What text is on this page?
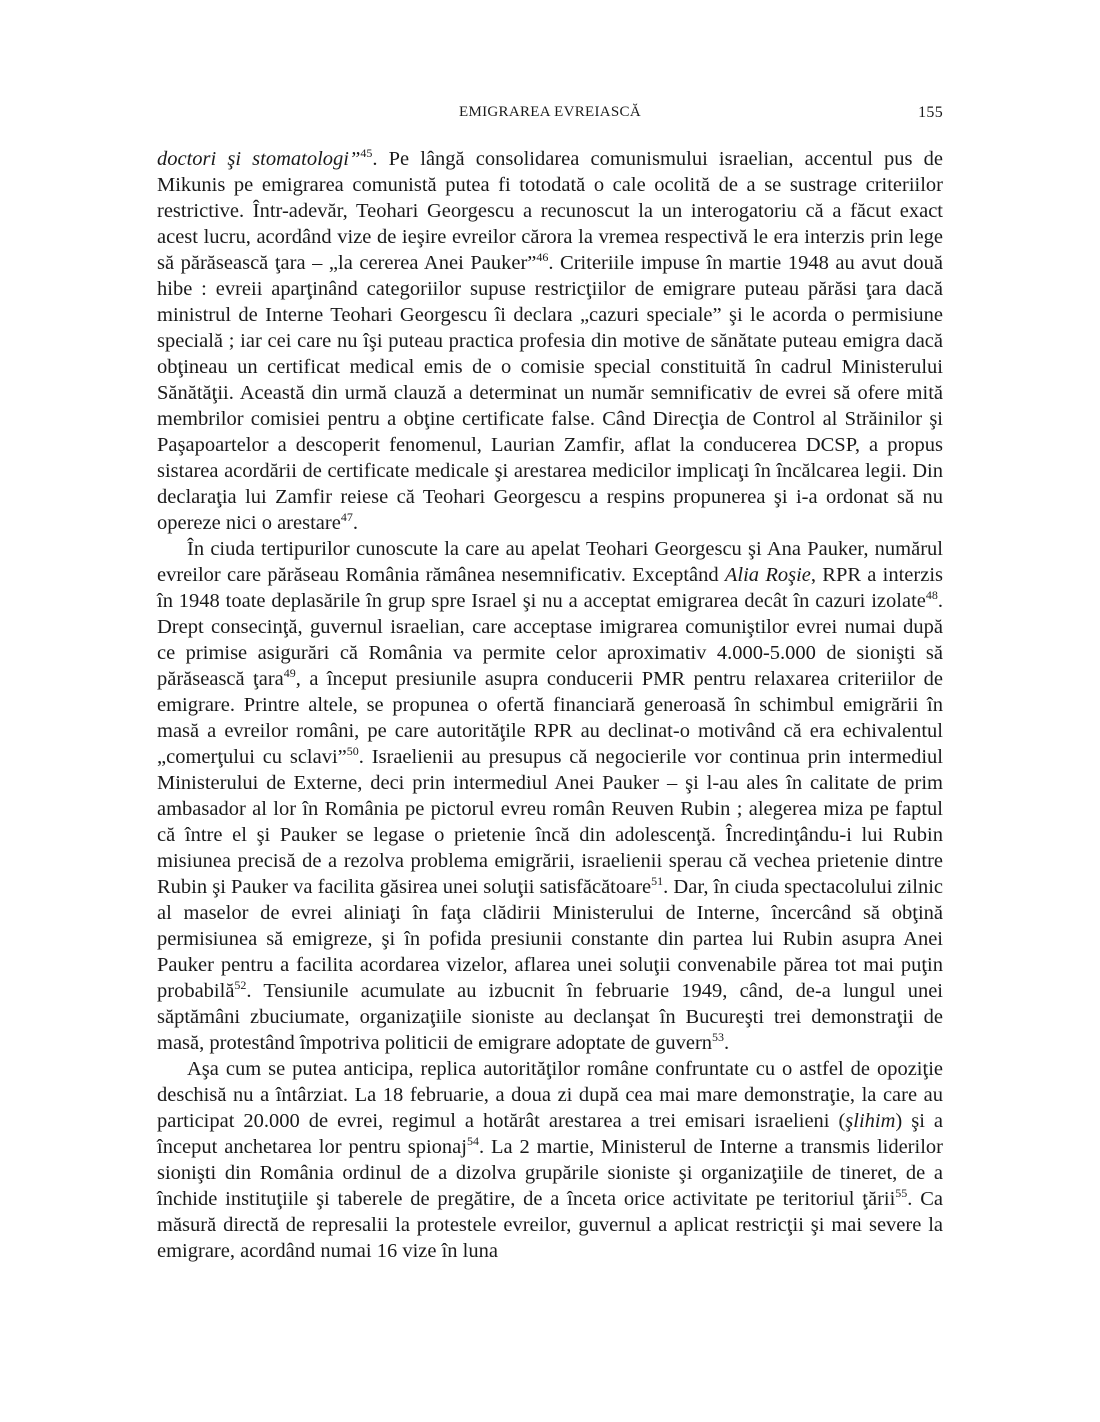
EMIGRAREA EVREIASCĂ	155

doctori şi stomatologi”$^{45}$. Pe lângă consolidarea comunismului israelian, accentul pus de Mikunis pe emigrarea comunistă putea fi totodată o cale ocolită de a se sustrage criteriilor restrictive. Într-adevăr, Teohari Georgescu a recunoscut la un interogatoriu că a făcut exact acest lucru, acordând vize de ieşire evreilor cărora la vremea respectivă le era interzis prin lege să părăsească ţara – „la cererea Anei Pauker”$^{46}$. Criteriile impuse în martie 1948 au avut două hibe : evreii aparţinând categoriilor supuse restricţiilor de emigrare puteau părăsi ţara dacă ministrul de Interne Teohari Georgescu îi declara „cazuri speciale” şi le acorda o permisiune specială ; iar cei care nu îşi puteau practica profesia din motive de sănătate puteau emigra dacă obţineau un certificat medical emis de o comisie special constituită în cadrul Ministerului Sănătăţii. Această din urmă clauză a determinat un număr semnificativ de evrei să ofere mită membrilor comisiei pentru a obţine certificate false. Când Direcţia de Control al Străinilor şi Paşapoartelor a descoperit fenomenul, Laurian Zamfir, aflat la conducerea DCSP, a propus sistarea acordării de certificate medicale şi arestarea medicilor implicaţi în încălcarea legii. Din declaraţia lui Zamfir reiese că Teohari Georgescu a respins propunerea şi i-a ordonat să nu opereze nici o arestare$^{47}$.

În ciuda tertipurilor cunoscute la care au apelat Teohari Georgescu şi Ana Pauker, numărul evreilor care părăseau România rămânea nesemnificativ. Exceptând Alia Roşie, RPR a interzis în 1948 toate deplasările în grup spre Israel şi nu a acceptat emigrarea decât în cazuri izolate$^{48}$. Drept consecinţă, guvernul israelian, care acceptase imigrarea comuniştilor evrei numai după ce primise asigurări că România va permite celor aproximativ 4.000-5.000 de sionişti să părăsească ţara$^{49}$, a început presiunile asupra conducerii PMR pentru relaxarea criteriilor de emigrare. Printre altele, se propunea o ofertă financiară generoasă în schimbul emigrării în masă a evreilor români, pe care autorităţile RPR au declinat-o motivând că era echivalentul „comerţului cu sclavi”$^{50}$. Israelienii au presupus că negocierile vor continua prin intermediul Ministerului de Externe, deci prin intermediul Anei Pauker – şi l-au ales în calitate de prim ambasador al lor în România pe pictorul evreu român Reuven Rubin ; alegerea miza pe faptul că între el şi Pauker se legase o prietenie încă din adolescenţă. Încredinţându-i lui Rubin misiunea precisă de a rezolva problema emigrării, israelienii sperau că vechea prietenie dintre Rubin şi Pauker va facilita găsirea unei soluţii satisfăcătoare$^{51}$. Dar, în ciuda spectacolului zilnic al maselor de evrei aliniaţi în faţa clădirii Ministerului de Interne, încercând să obţină permisiunea să emigreze, şi în pofida presiunii constante din partea lui Rubin asupra Anei Pauker pentru a facilita acordarea vizelor, aflarea unei soluţii convenabile părea tot mai puţin probabilă$^{52}$. Tensiunile acumulate au izbucnit în februarie 1949, când, de-a lungul unei săptămâni zbuciumate, organizaţiile sioniste au declanşat în Bucureşti trei demonstraţii de masă, protestând împotriva politicii de emigrare adoptate de guvern$^{53}$.

Aşa cum se putea anticipa, replica autorităţilor române confruntate cu o astfel de opoziţie deschisă nu a întârziat. La 18 februarie, a doua zi după cea mai mare demonstraţie, la care au participat 20.000 de evrei, regimul a hotărât arestarea a trei emisari israelieni (şlihim) şi a început anchetarea lor pentru spionaj$^{54}$. La 2 martie, Ministerul de Interne a transmis liderilor sionişti din România ordinul de a dizolva grupările sioniste şi organizaţiile de tineret, de a închide instituţiile şi taberele de pregătire, de a înceta orice activitate pe teritoriul ţării$^{55}$. Ca măsură directă de represalii la protestele evreilor, guvernul a aplicat restricţii şi mai severe la emigrare, acordând numai 16 vize în luna
